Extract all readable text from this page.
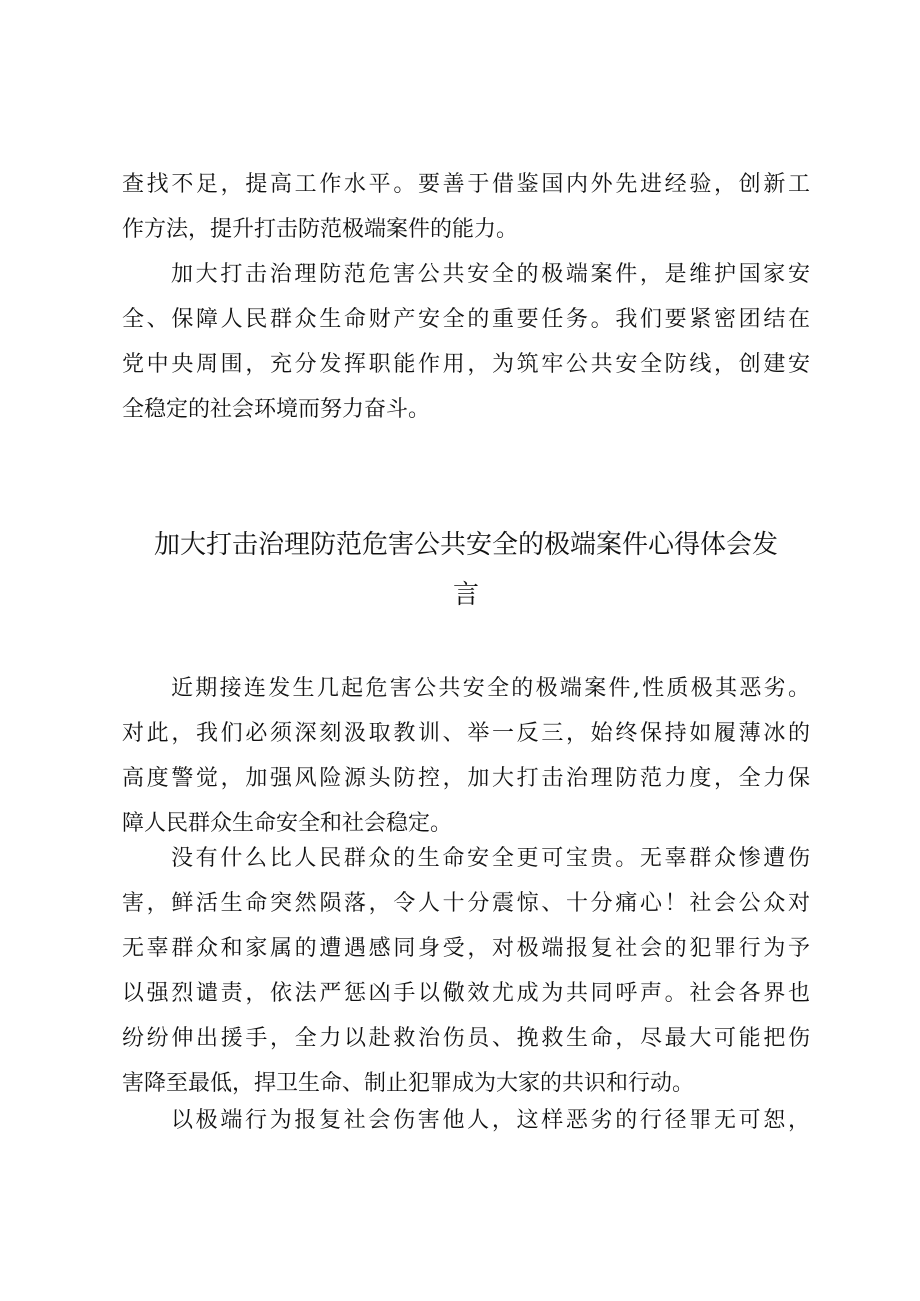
查找不足，提高工作水平。要善于借鉴国内外先进经验，创新工
作方法，提升打击防范极端案件的能力。
加大打击治理防范危害公共安全的极端案件，是维护国家安
全、保障人民群众生命财产安全的重要任务。我们要紧密团结在
党中央周围，充分发挥职能作用，为筑牢公共安全防线，创建安
全稳定的社会环境而努力奋斗。
加大打击治理防范危害公共安全的极端案件心得体会发
言
近期接连发生几起危害公共安全的极端案件,性质极其恶劣。
对此，我们必须深刻汲取教训、举一反三，始终保持如履薄冰的
高度警觉，加强风险源头防控，加大打击治理防范力度，全力保
障人民群众生命安全和社会稳定。
没有什么比人民群众的生命安全更可宝贵。无辜群众惨遭伤
害，鲜活生命突然陨落，令人十分震惊、十分痛心！社会公众对
无辜群众和家属的遭遇感同身受，对极端报复社会的犯罪行为予
以强烈谴责，依法严惩凶手以儆效尤成为共同呼声。社会各界也
纷纷伸出援手，全力以赴救治伤员、挽救生命，尽最大可能把伤
害降至最低，捍卫生命、制止犯罪成为大家的共识和行动。
以极端行为报复社会伤害他人，这样恶劣的行径罪无可恕，
